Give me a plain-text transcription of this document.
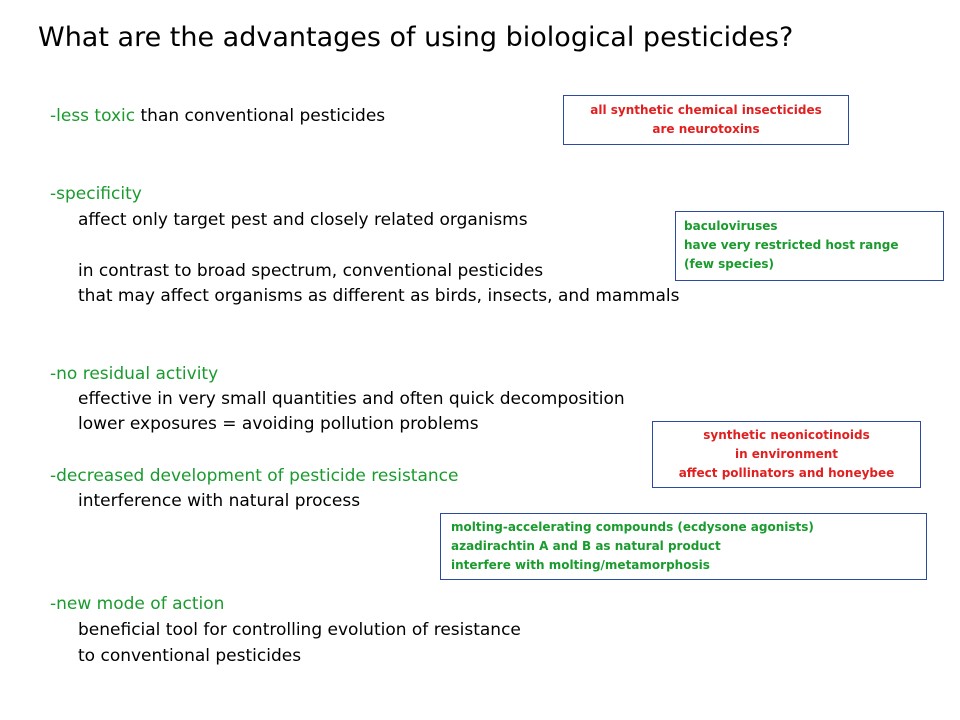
What are the advantages of using biological pesticides?
-less toxic than conventional pesticides
-specificity
affect only target pest and closely related organisms
in contrast to broad spectrum, conventional pesticides
that may affect organisms as different as birds, insects, and mammals
-no residual activity
effective in very small quantities and often quick decomposition
lower exposures = avoiding pollution problems
-decreased development of pesticide resistance
interference with natural process
-new mode of action
beneficial tool for controlling evolution of resistance
to conventional pesticides
all synthetic chemical insecticides
are neurotoxins
baculoviruses
have very restricted host range
(few species)
synthetic neonicotinoids
in environment
affect pollinators and honeybee
molting-accelerating compounds (ecdysone agonists)
azadirachtin A and B as natural product
interfere with molting/metamorphosis
